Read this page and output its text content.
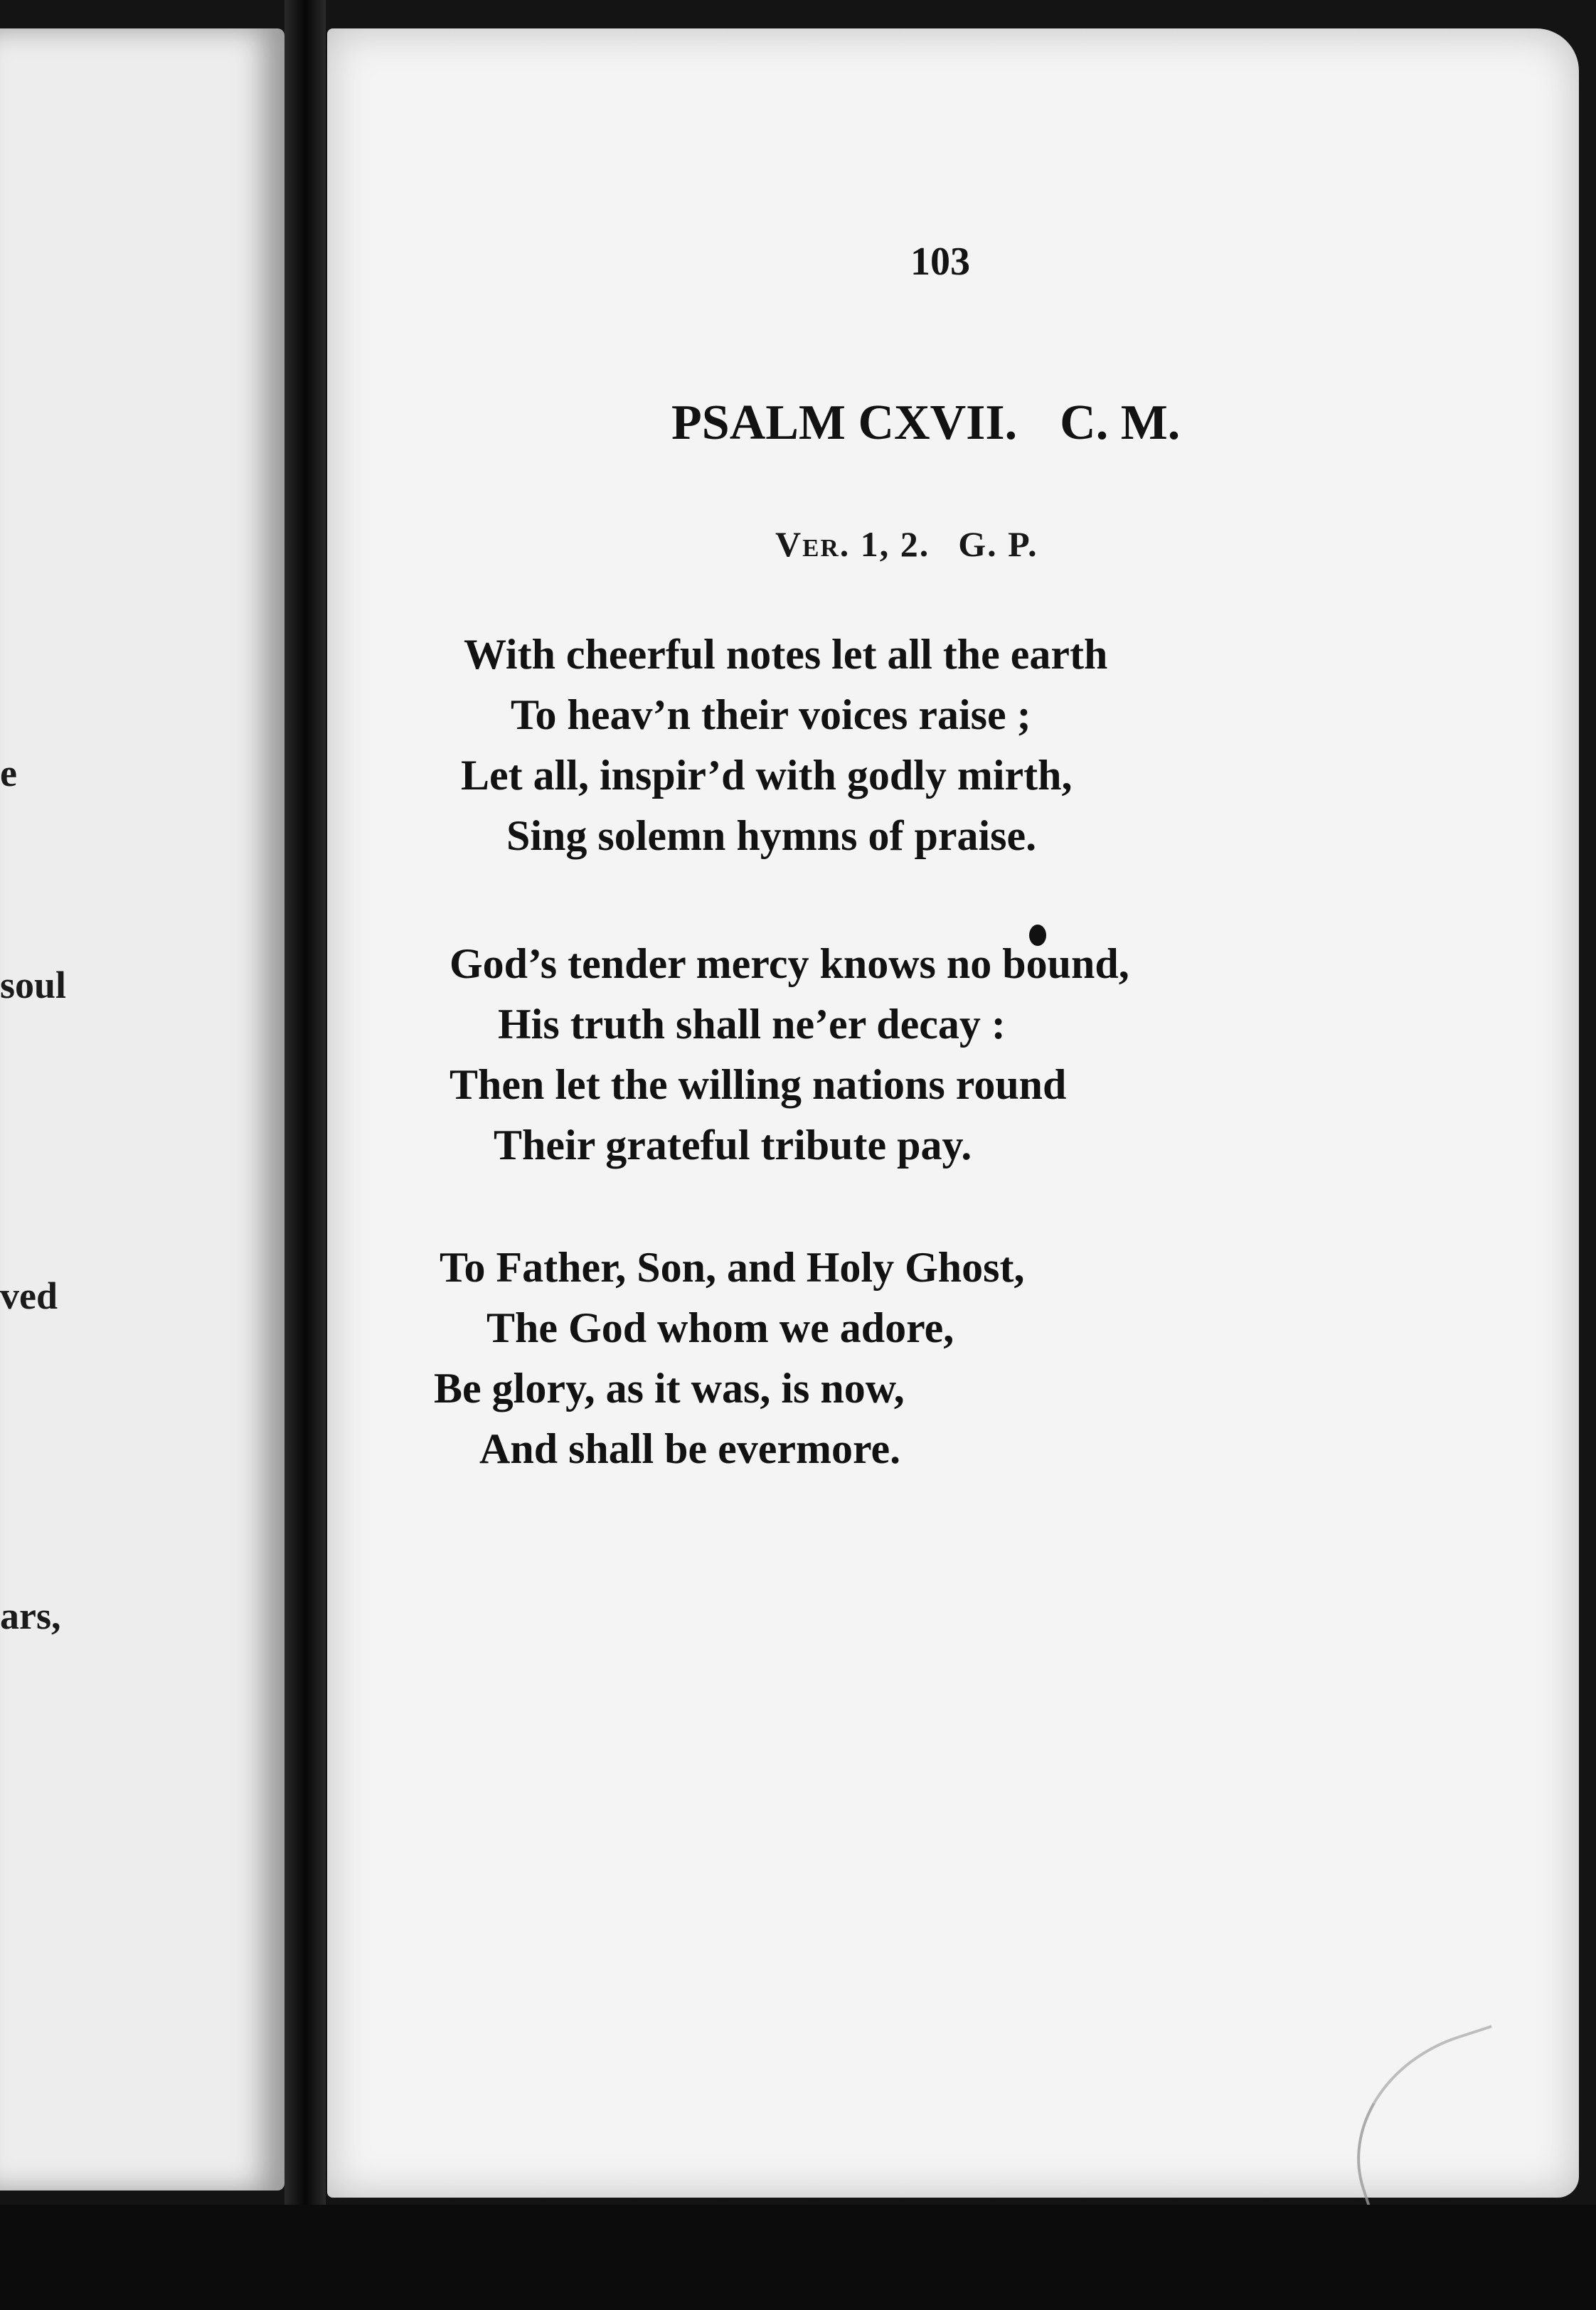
e
soul
ved
ars,
103
PSALM CXVII. C. M.
Ver. 1, 2. G. P.
With cheerful notes let all the earth
To heav’n their voices raise ;
Let all, inspir’d with godly mirth,
Sing solemn hymns of praise.
God’s tender mercy knows no bound,
His truth shall ne’er decay :
Then let the willing nations round
Their grateful tribute pay.
To Father, Son, and Holy Ghost,
The God whom we adore,
Be glory, as it was, is now,
And shall be evermore.
